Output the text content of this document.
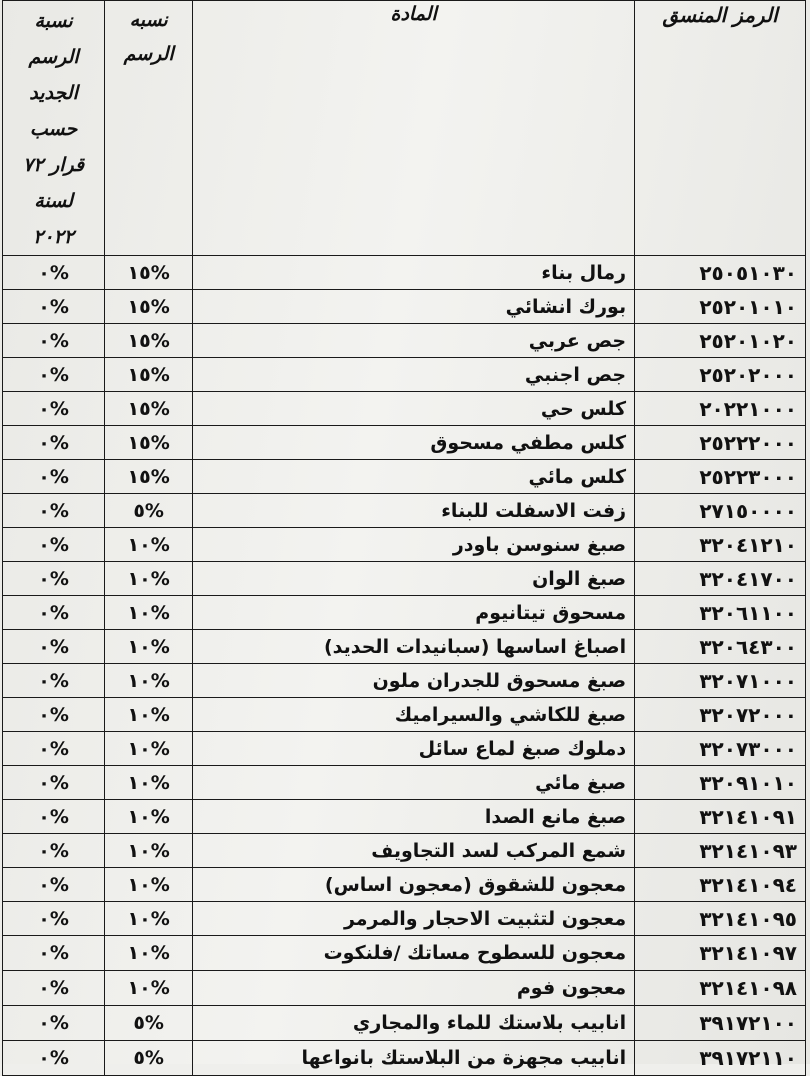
الرمز المنسق	المادة	نسبه الرسم	نسبة الرسم الجديد حسب قرار ٧٢ لسنة ٢٠٢٢
٢٥٠٥١٠٣٠	رمال بناء	%١٥	%٠
٢٥٢٠١٠١٠	بورك انشائي	%١٥	%٠
٢٥٢٠١٠٢٠	جص عربي	%١٥	%٠
٢٥٢٠٢٠٠٠	جص اجنبي	%١٥	%٠
٢٠٢٢١٠٠٠	كلس حي	%١٥	%٠
٢٥٢٢٢٠٠٠	كلس مطفي مسحوق	%١٥	%٠
٢٥٢٢٣٠٠٠	كلس مائي	%١٥	%٠
٢٧١٥٠٠٠٠	زفت الاسفلت للبناء	%٥	%٠
٣٢٠٤١٢١٠	صبغ سنوسن باودر	%١٠	%٠
٣٢٠٤١٧٠٠	صبغ الوان	%١٠	%٠
٣٢٠٦١١٠٠	مسحوق تيتانيوم	%١٠	%٠
٣٢٠٦٤٣٠٠	اصباغ اساسها (سبانيدات الحديد)	%١٠	%٠
٣٢٠٧١٠٠٠	صبغ مسحوق للجدران ملون	%١٠	%٠
٣٢٠٧٢٠٠٠	صبغ للكاشي والسيراميك	%١٠	%٠
٣٢٠٧٣٠٠٠	دملوك صبغ لماع سائل	%١٠	%٠
٣٢٠٩١٠١٠	صبغ مائي	%١٠	%٠
٣٢١٤١٠٩١	صبغ مانع الصدا	%١٠	%٠
٣٢١٤١٠٩٣	شمع المركب لسد التجاويف	%١٠	%٠
٣٢١٤١٠٩٤	معجون للشقوق (معجون اساس)	%١٠	%٠
٣٢١٤١٠٩٥	معجون لتثبيت الاحجار والمرمر	%١٠	%٠
٣٢١٤١٠٩٧	معجون للسطوح مساتك /فلنكوت	%١٠	%٠
٣٢١٤١٠٩٨	معجون فوم	%١٠	%٠
٣٩١٧٢١٠٠	انابيب بلاستك للماء والمجاري	%٥	%٠
٣٩١٧٢١١٠	انابيب مجهزة من البلاستك بانواعها	%٥	%٠
